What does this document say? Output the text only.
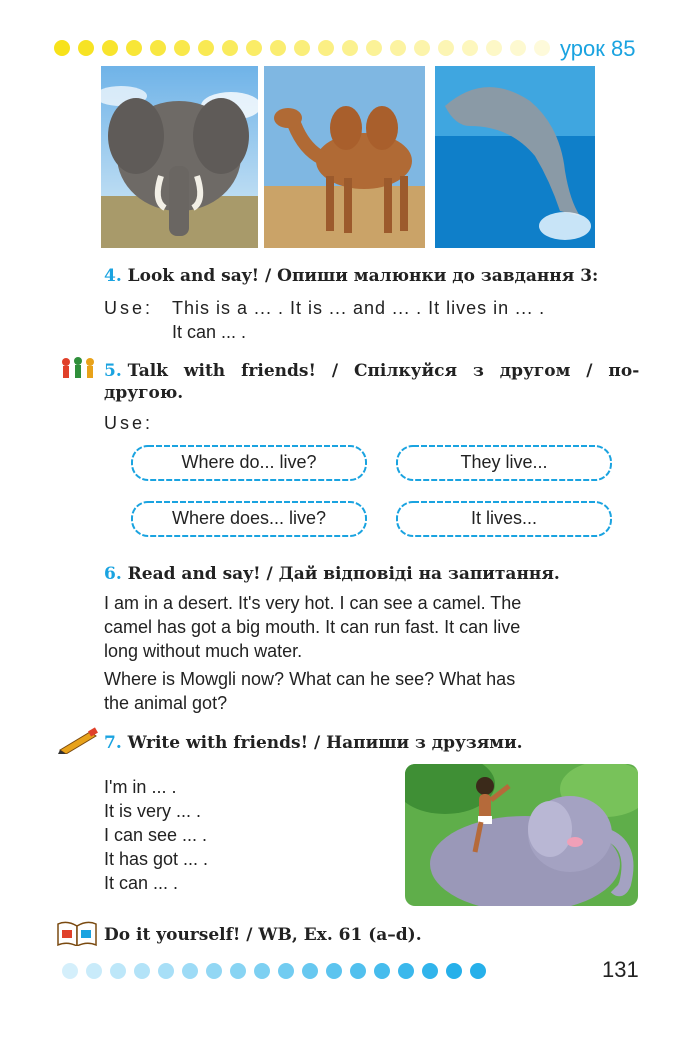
урок 85
4. Look and say! / Опиши малюнки до завдання 3:
Use: This is a ... . It is ... and ... . It lives in ... .
It can ... .
5. Talk with friends! / Спілкуйся з другом / по-
другою.
Use:
Where do... live?	They live...
Where does... live?	It lives...
6. Read and say! / Дай відповіді на запитання.
I am in a desert. It's very hot. I can see a camel. The
camel has got a big mouth. It can run fast. It can live
long without much water.
Where is Mowgli now? What can he see? What has
the animal got?
7. Write with friends! / Напиши з друзями.
I'm in ... .
It is very ... .
I can see ... .
It has got ... .
It can ... .
Do it yourself! / WB, Ex. 61 (a–d).
131
